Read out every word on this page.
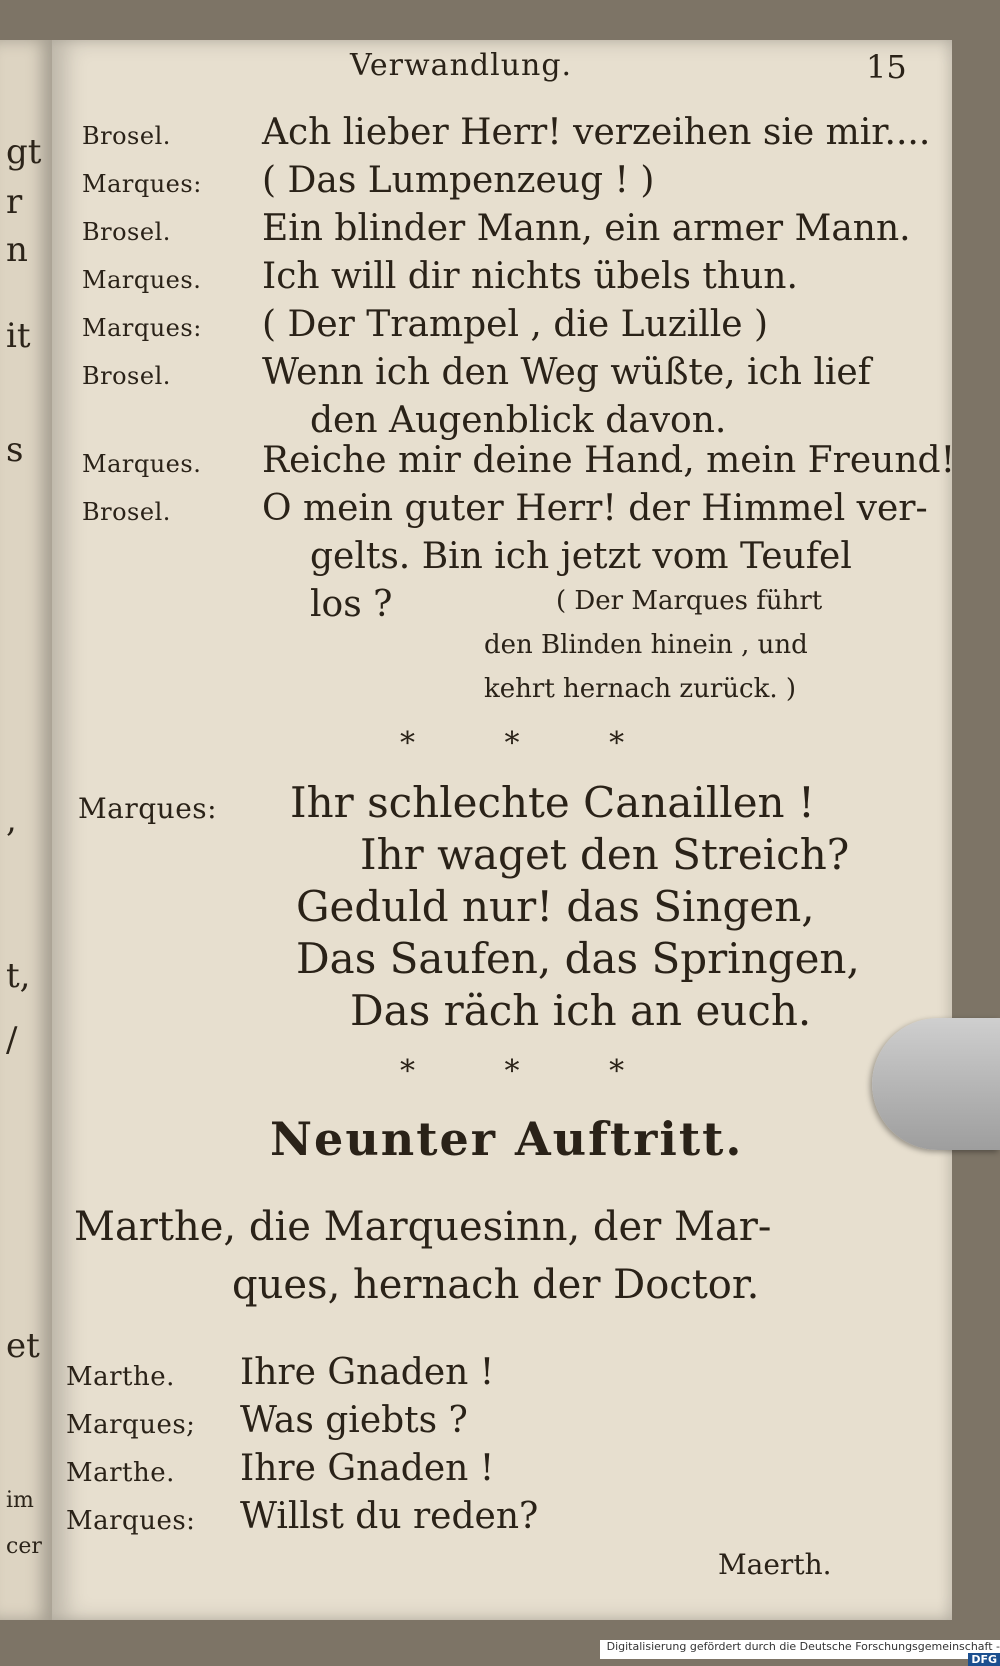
gt
r
n
it
s
,
t,
/
et
im
cer
Verwandlung.	15
Brosel.	Ach lieber Herr! verzeihen sie mir....
Marques: ( Das Lumpenzeug ! )
Brosel.	Ein blinder Mann, ein armer Mann.
Marques. Ich will dir nichts übels thun.
Marques: ( Der Trampel , die Luzille )
Brosel.	Wenn ich den Weg wüßte, ich lief
den Augenblick davon.
Marques. Reiche mir deine Hand, mein Freund!
Brosel.	O mein guter Herr! der Himmel ver-
gelts. Bin ich jetzt vom Teufel
los ?	( Der Marques führt
den Blinden hinein , und
kehrt hernach zurück. )
* * *
Marques: Ihr schlechte Canaillen !
Ihr waget den Streich?
Geduld nur! das Singen,
Das Saufen, das Springen,
Das räch ich an euch.
* * *
Neunter Auftritt.
Marthe, die Marquesinn, der Mar-
ques, hernach der Doctor.
Marthe. Ihre Gnaden !
Marques; Was giebts ?
Marthe. Ihre Gnaden !
Marques: Willst du reden?
Maerth.
Digitalisierung gefördert durch die Deutsche Forschungsgemeinschaft -DFG
